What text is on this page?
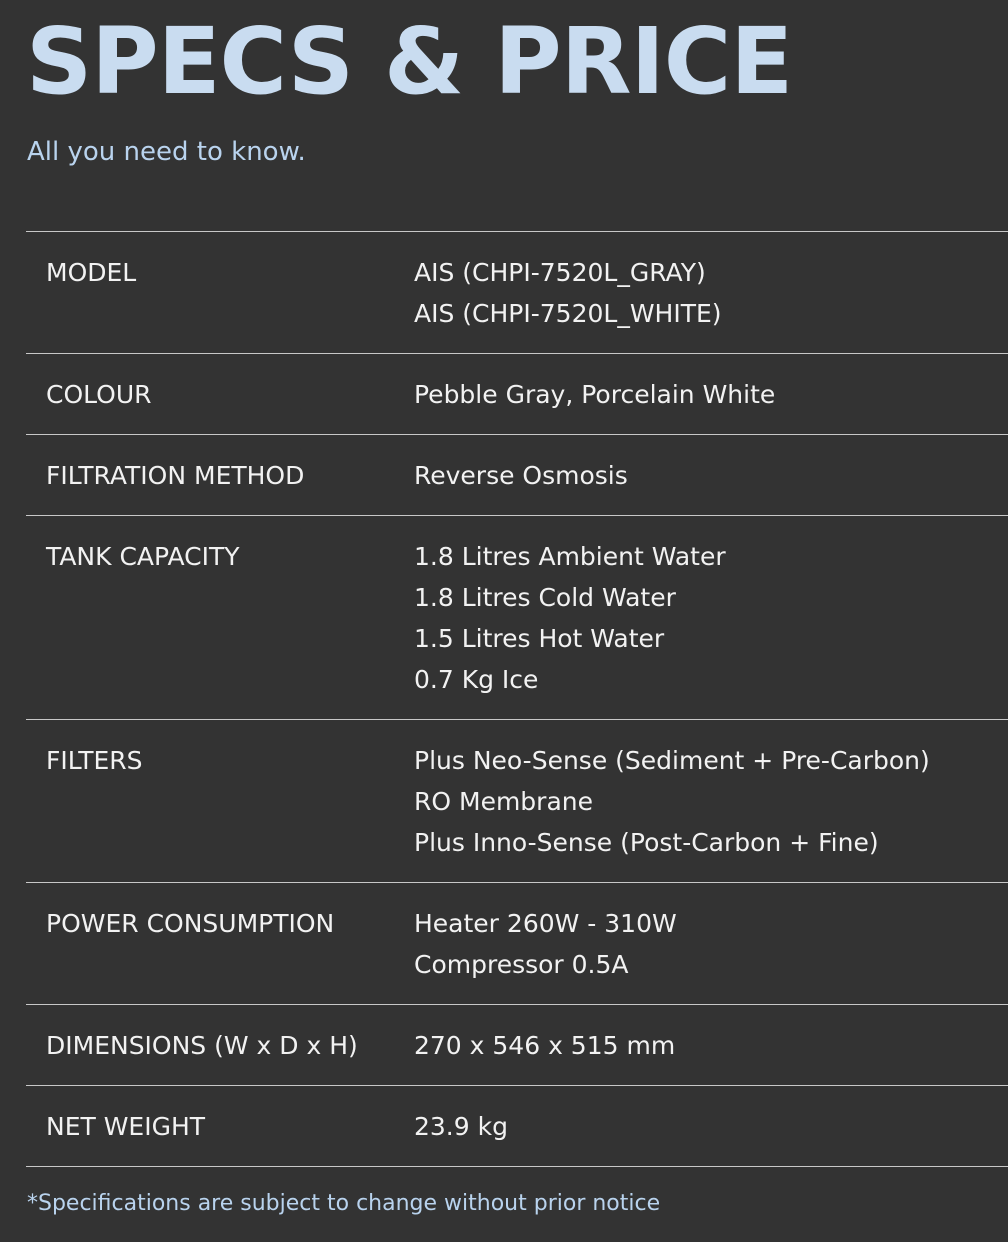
SPECS & PRICE

All you need to know.

MODEL	AIS (CHPI-7520L_GRAY)
AIS (CHPI-7520L_WHITE)
COLOUR	Pebble Gray, Porcelain White
FILTRATION METHOD	Reverse Osmosis
TANK CAPACITY	1.8 Litres Ambient Water
1.8 Litres Cold Water
1.5 Litres Hot Water
0.7 Kg Ice
FILTERS	Plus Neo-Sense (Sediment + Pre-Carbon)
RO Membrane
Plus Inno-Sense (Post-Carbon + Fine)
POWER CONSUMPTION	Heater 260W - 310W
Compressor 0.5A
DIMENSIONS (W x D x H)	270 x 546 x 515 mm
NET WEIGHT	23.9 kg

*Specifications are subject to change without prior notice
